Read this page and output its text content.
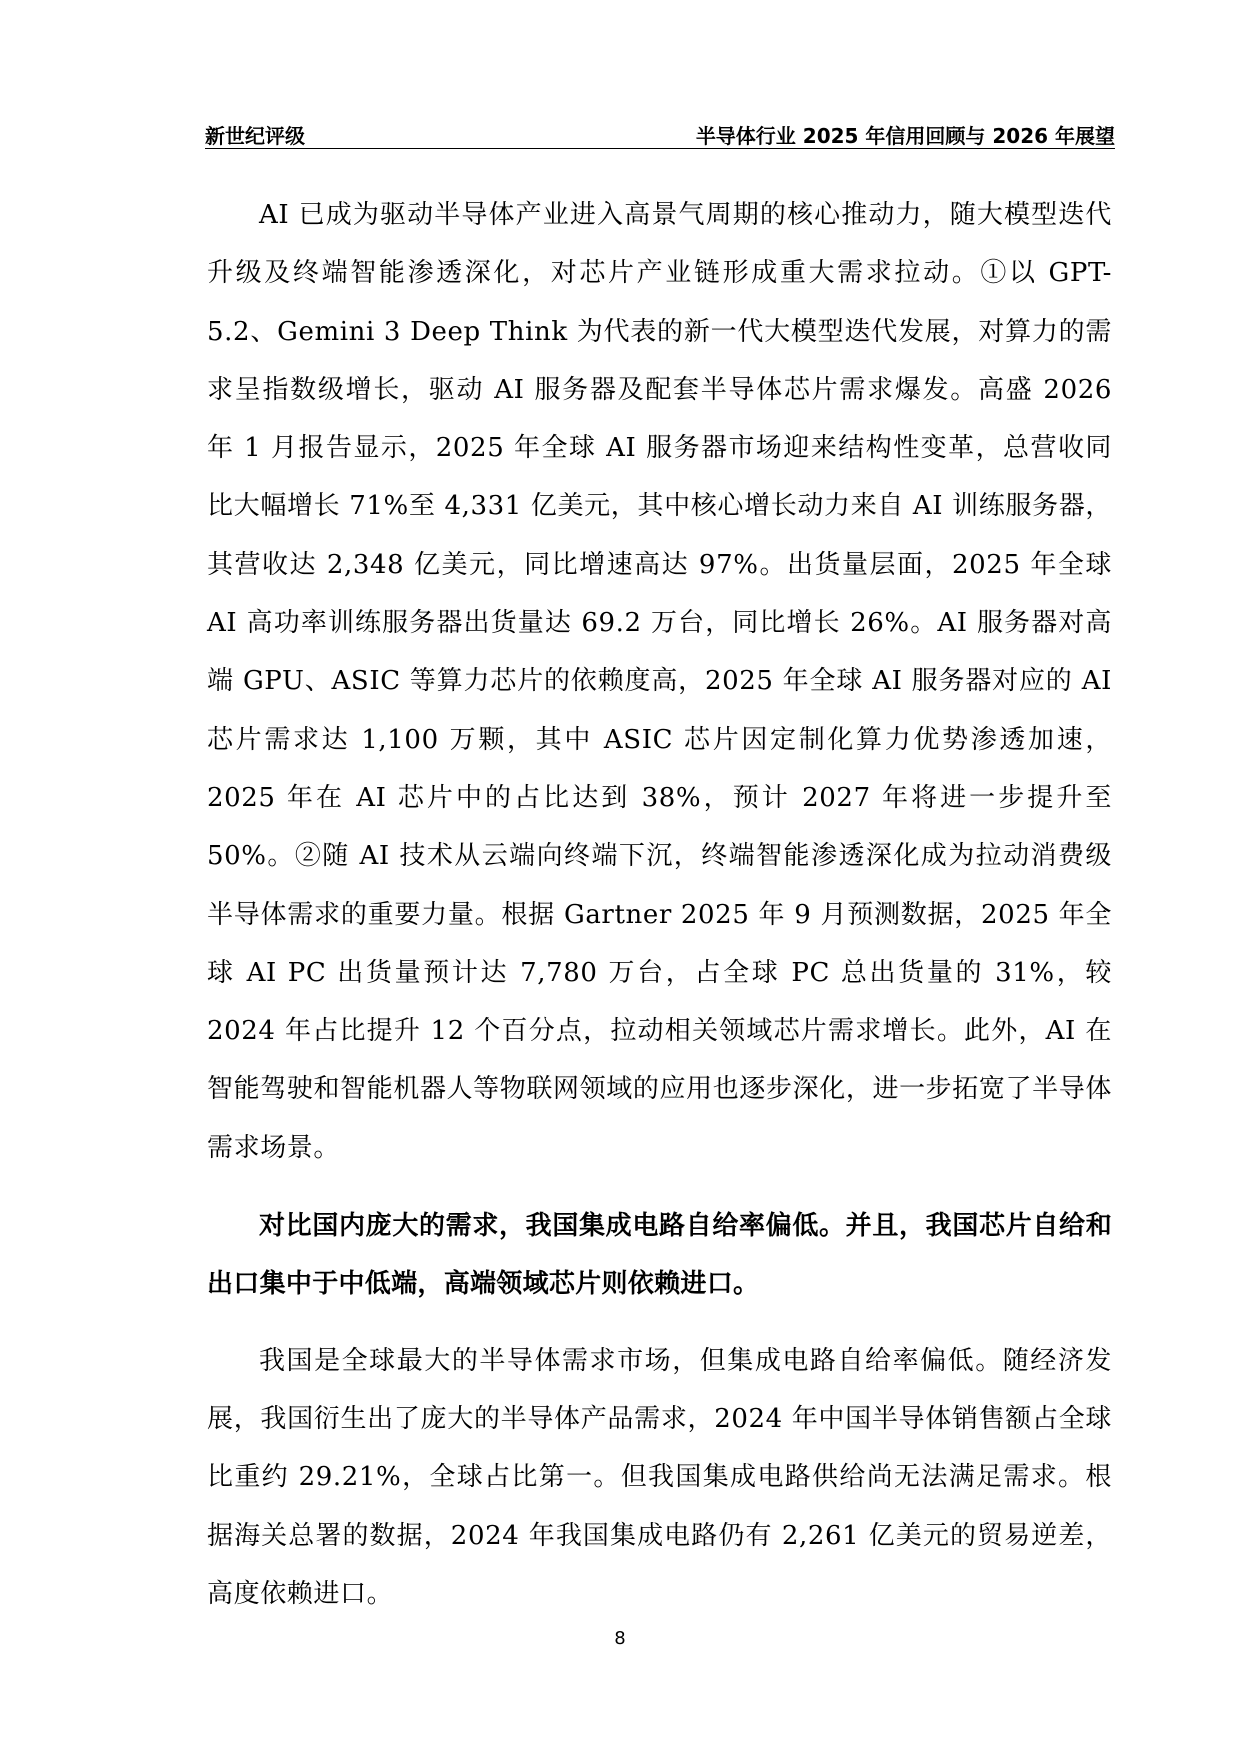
新世纪评级	半导体行业 2025 年信用回顾与 2026 年展望

AI 已成为驱动半导体产业进入高景气周期的核心推动力，随大模型迭代升级及终端智能渗透深化，对芯片产业链形成重大需求拉动。①以 GPT-5.2、Gemini 3 Deep Think 为代表的新一代大模型迭代发展，对算力的需求呈指数级增长，驱动 AI 服务器及配套半导体芯片需求爆发。高盛 2026 年 1 月报告显示，2025 年全球 AI 服务器市场迎来结构性变革，总营收同比大幅增长 71%至 4,331 亿美元，其中核心增长动力来自 AI 训练服务器，其营收达 2,348 亿美元，同比增速高达 97%。出货量层面，2025 年全球 AI 高功率训练服务器出货量达 69.2 万台，同比增长 26%。AI 服务器对高端 GPU、ASIC 等算力芯片的依赖度高，2025 年全球 AI 服务器对应的 AI 芯片需求达 1,100 万颗，其中 ASIC 芯片因定制化算力优势渗透加速，2025 年在 AI 芯片中的占比达到 38%，预计 2027 年将进一步提升至 50%。②随 AI 技术从云端向终端下沉，终端智能渗透深化成为拉动消费级半导体需求的重要力量。根据 Gartner 2025 年 9 月预测数据，2025 年全球 AI PC 出货量预计达 7,780 万台，占全球 PC 总出货量的 31%，较 2024 年占比提升 12 个百分点，拉动相关领域芯片需求增长。此外，AI 在智能驾驶和智能机器人等物联网领域的应用也逐步深化，进一步拓宽了半导体需求场景。

对比国内庞大的需求，我国集成电路自给率偏低。并且，我国芯片自给和出口集中于中低端，高端领域芯片则依赖进口。

我国是全球最大的半导体需求市场，但集成电路自给率偏低。随经济发展，我国衍生出了庞大的半导体产品需求，2024 年中国半导体销售额占全球比重约 29.21%，全球占比第一。但我国集成电路供给尚无法满足需求。根据海关总署的数据，2024 年我国集成电路仍有 2,261 亿美元的贸易逆差，高度依赖进口。

8
